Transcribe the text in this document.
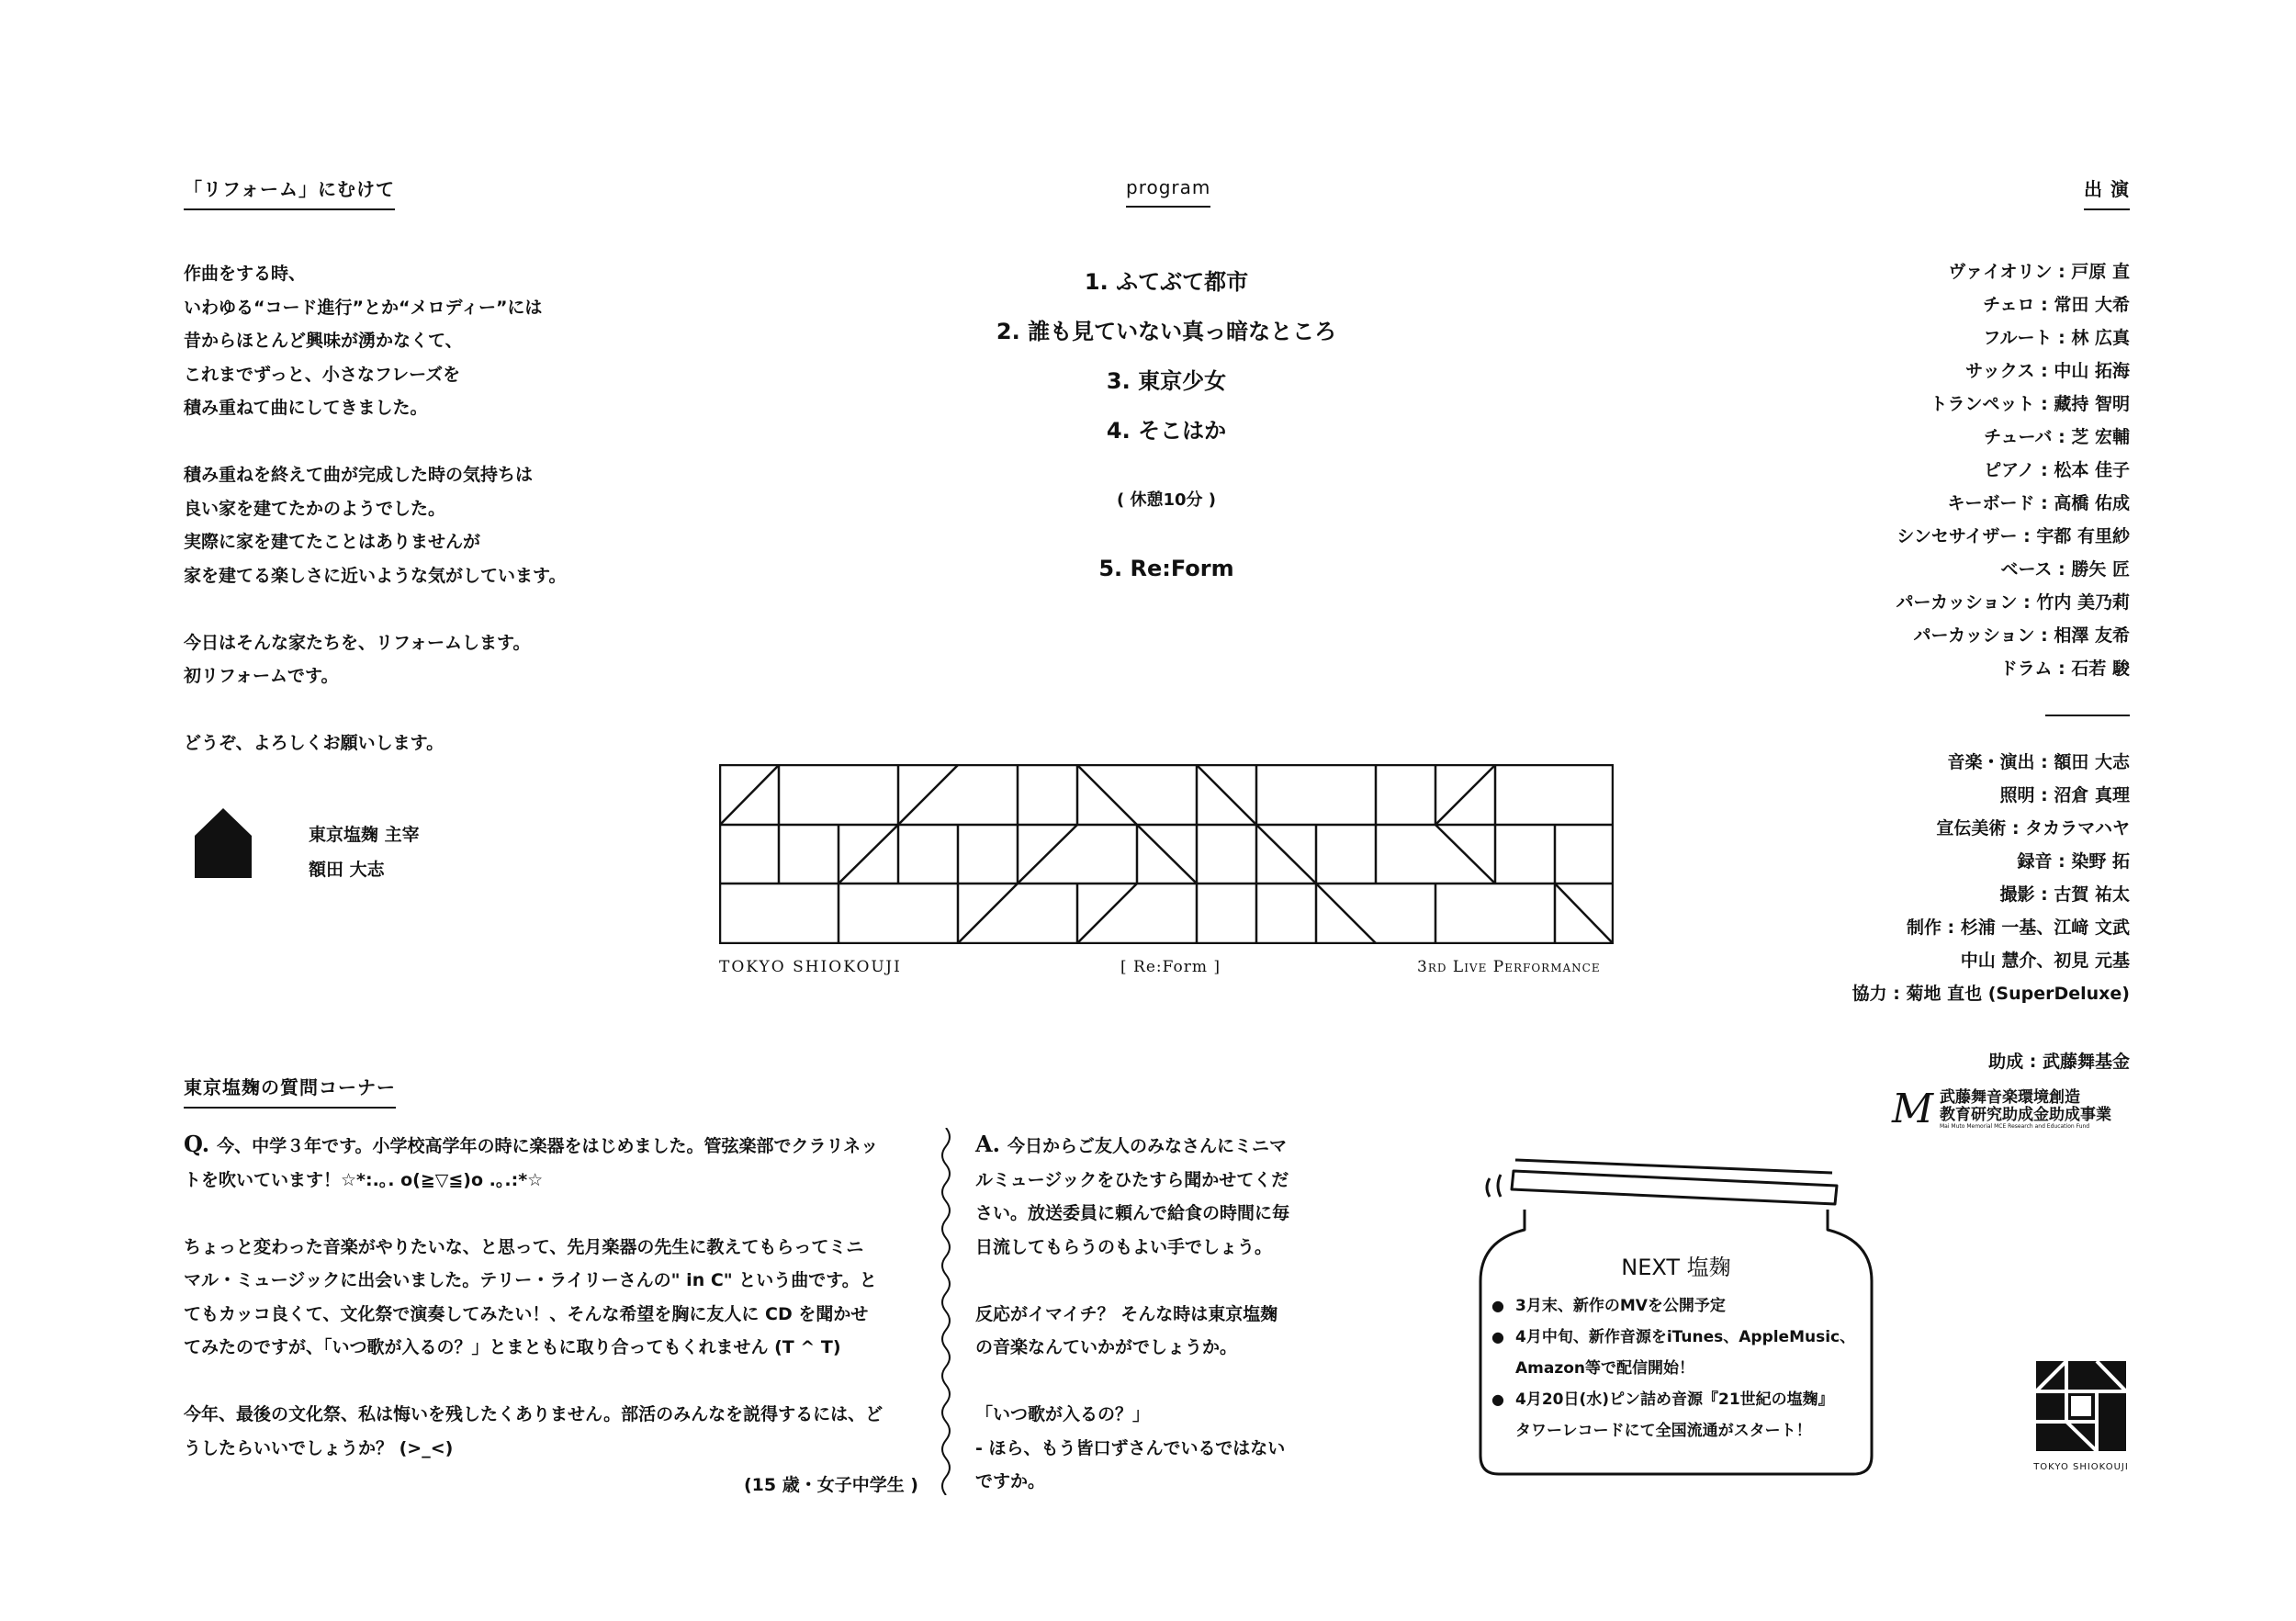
「リフォーム」にむけて
作曲をする時、
いわゆる“コード進行”とか“メロディー”には
昔からほとんど興味が湧かなくて、
これまでずっと、小さなフレーズを
積み重ねて曲にしてきました。
積み重ねを終えて曲が完成した時の気持ちは
良い家を建てたかのようでした。
実際に家を建てたことはありませんが
家を建てる楽しさに近いような気がしています。
今日はそんな家たちを、リフォームします。
初リフォームです。
どうぞ、よろしくお願いします。
東京塩麹 主宰
額田 大志
program
1. ふてぶて都市
2. 誰も見ていない真っ暗なところ
3. 東京少女
4. そこはか
( 休憩10分 )
5. Re:Form
TOKYO SHIOKOUJI	[ Re:Form ]	3RD LIVE PERFORMANCE
出 演
ヴァイオリン : 戸原 直
チェロ : 常田 大希
フルート : 林 広真
サックス : 中山 拓海
トランペット : 藏持 智明
チューバ : 芝 宏輔
ピアノ : 松本 佳子
キーボード : 高橋 佑成
シンセサイザー : 宇都 有里紗
ベース : 勝矢 匠
パーカッション : 竹内 美乃莉
パーカッション : 相澤 友希
ドラム : 石若 駿
音楽・演出 : 額田 大志
照明 : 沼倉 真理
宣伝美術 : タカラマハヤ
録音 : 染野 拓
撮影 : 古賀 祐太
制作 : 杉浦 一基、江﨑 文武
中山 慧介、初見 元基
協力 : 菊地 直也 (SuperDeluxe)
助成 : 武藤舞基金
M 武藤舞音楽環境創造
教育研究助成金助成事業
Mai Muto Memorial MCE Research and Education Fund
東京塩麹の質問コーナー
Q. 今、中学３年です。小学校高学年の時に楽器をはじめました。管弦楽部でクラリネッ
トを吹いています！☆*:.｡. o(≧▽≦)o .｡.:*☆
ちょっと変わった音楽がやりたいな、と思って、先月楽器の先生に教えてもらってミニ
マル・ミュージックに出会いました。テリー・ライリーさんの" in C" という曲です。と
てもカッコ良くて、文化祭で演奏してみたい！、そんな希望を胸に友人に CD を聞かせ
てみたのですが、「いつ歌が入るの？」とまともに取り合ってもくれません (T ^ T)
今年、最後の文化祭、私は悔いを残したくありません。部活のみんなを説得するには、ど
うしたらいいでしょうか？ (>_<)
(15 歳・女子中学生 )
A. 今日からご友人のみなさんにミニマ
ルミュージックをひたすら聞かせてくだ
さい。放送委員に頼んで給食の時間に毎
日流してもらうのもよい手でしょう。
反応がイマイチ？ そんな時は東京塩麹
の音楽なんていかがでしょうか。
「いつ歌が入るの？」
- ほら、もう皆口ずさんでいるではない
ですか。
NEXT 塩麹
● 3月末、新作のMVを公開予定
● 4月中旬、新作音源をiTunes、AppleMusic、
Amazon等で配信開始！
● 4月20日(水)ピン詰め音源『21世紀の塩麹』
タワーレコードにて全国流通がスタート！
TOKYO SHIOKOUJI
